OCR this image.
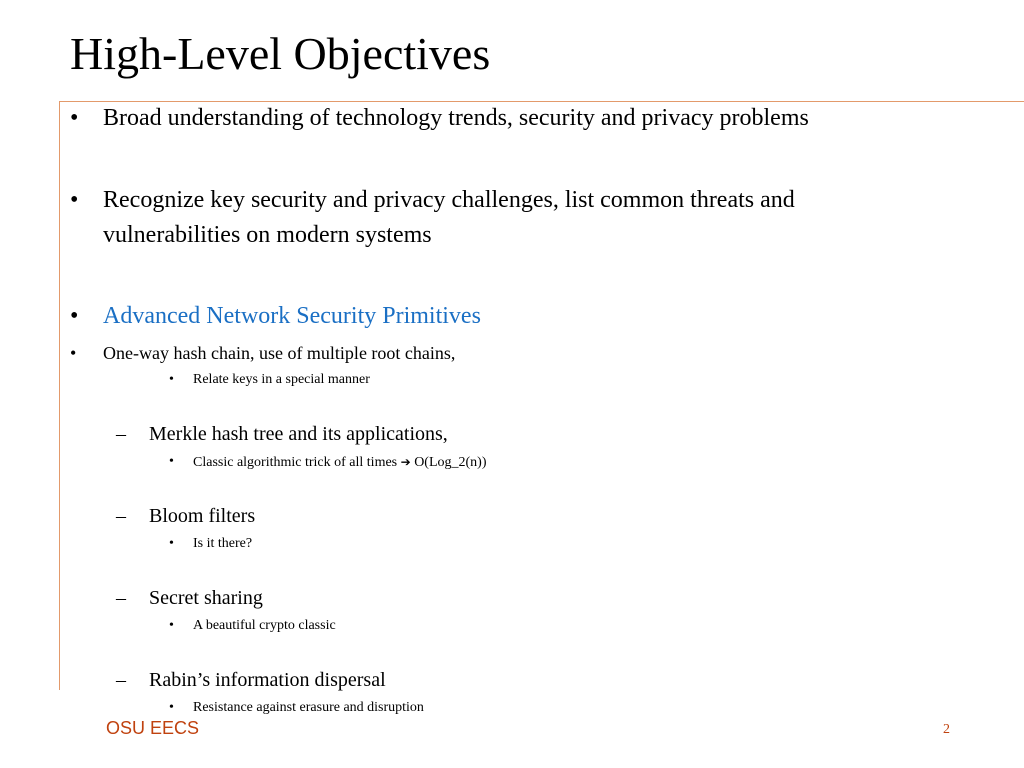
High-Level Objectives
• Broad understanding of technology trends, security and privacy problems
• Recognize key security and privacy challenges, list common threats and
vulnerabilities on modern systems
• Advanced Network Security Primitives
• One-way hash chain, use of multiple root chains,
• Relate keys in a special manner
– Merkle hash tree and its applications,
• Classic algorithmic trick of all times ➔ O(Log_2(n))
– Bloom filters
• Is it there?
– Secret sharing
• A beautiful crypto classic
– Rabin’s information dispersal
• Resistance against erasure and disruption
OSU EECS	2
